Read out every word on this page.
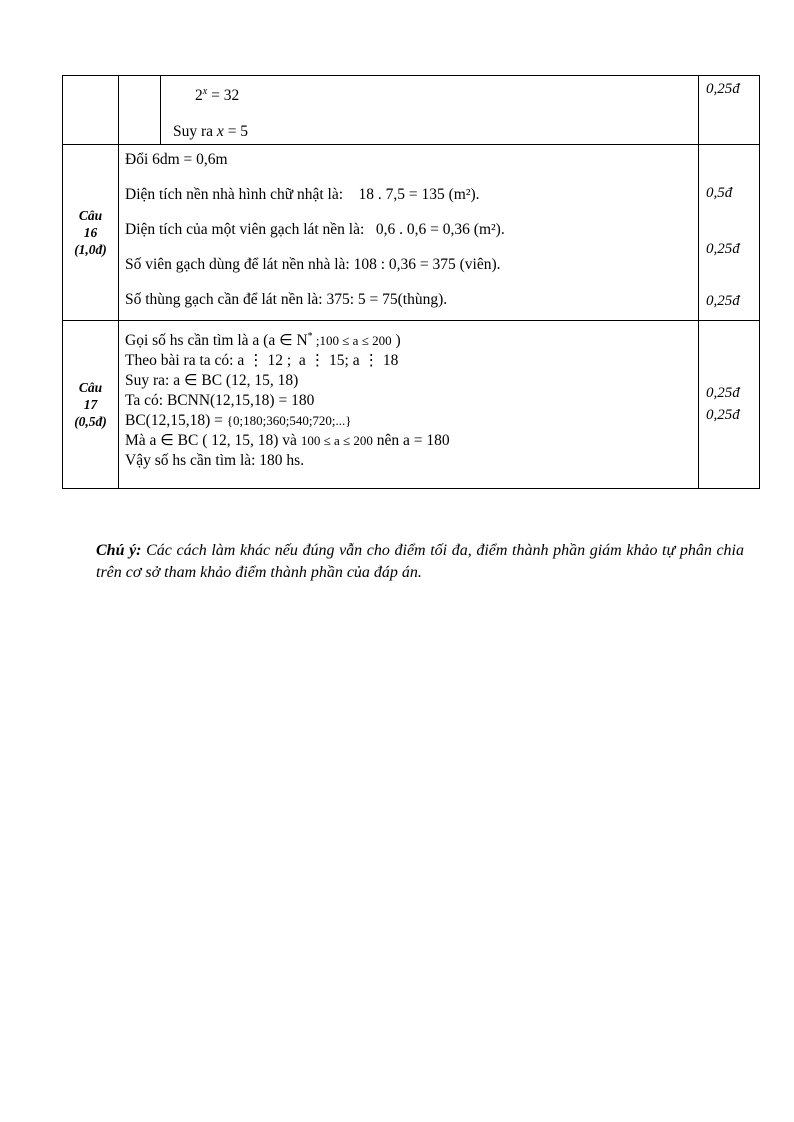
$2^x = 32$
Suy ra x = 5
0,25đ
Câu
16
(1,0đ)
Đổi 6dm = 0,6m
Diện tích nền nhà hình chữ nhật là:    18 . 7,5 = 135 (m²).
Diện tích của một viên gạch lát nền là:   0,6 . 0,6 = 0,36 (m²).
Số viên gạch dùng để lát nền nhà là: 108 : 0,36 = 375 (viên).
Số thùng gạch cần để lát nền là: 375: 5 = 75(thùng).
0,5đ
0,25đ
0,25đ
Câu
17
(0,5đ)
Gọi số hs cần tìm là a (a ∈ N* ;100 ≤ a ≤ 200 )
Theo bài ra ta có: a ⋮ 12 ;  a ⋮ 15; a ⋮ 18
Suy ra: a ∈ BC (12, 15, 18)
Ta có: BCNN(12,15,18) = 180
BC(12,15,18) = {0;180;360;540;720;...}
Mà a ∈ BC ( 12, 15, 18) và 100 ≤ a ≤ 200 nên a = 180
Vậy số hs cần tìm là: 180 hs.
0,25đ
0,25đ

Chú ý: Các cách làm khác nếu đúng vẫn cho điểm tối đa, điểm thành phần giám khảo tự phân chia trên cơ sở tham khảo điểm thành phần của đáp án.
